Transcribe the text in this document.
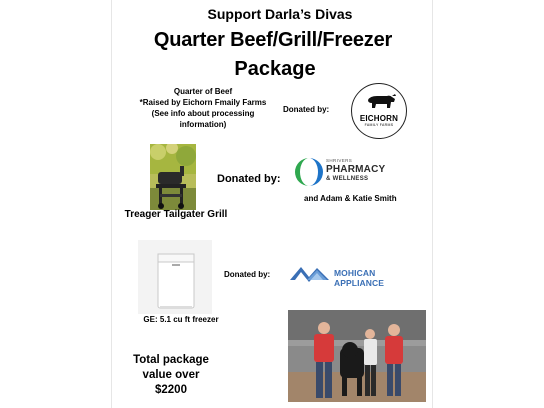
Support Darla’s Divas
Quarter Beef/Grill/Freezer
Package
Quarter of Beef
*Raised by Eichorn Fmaily Farms
(See info about processing
information)
Donated by:
EICHORN
FAMILY FARMS
Donated by:
Treager Tailgater Grill
SHRIVERS
PHARMACY
& WELLNESS
and Adam & Katie Smith
Donated by:
GE: 5.1 cu ft freezer
MOHICAN APPLIANCE
Total package
value over
$2200
